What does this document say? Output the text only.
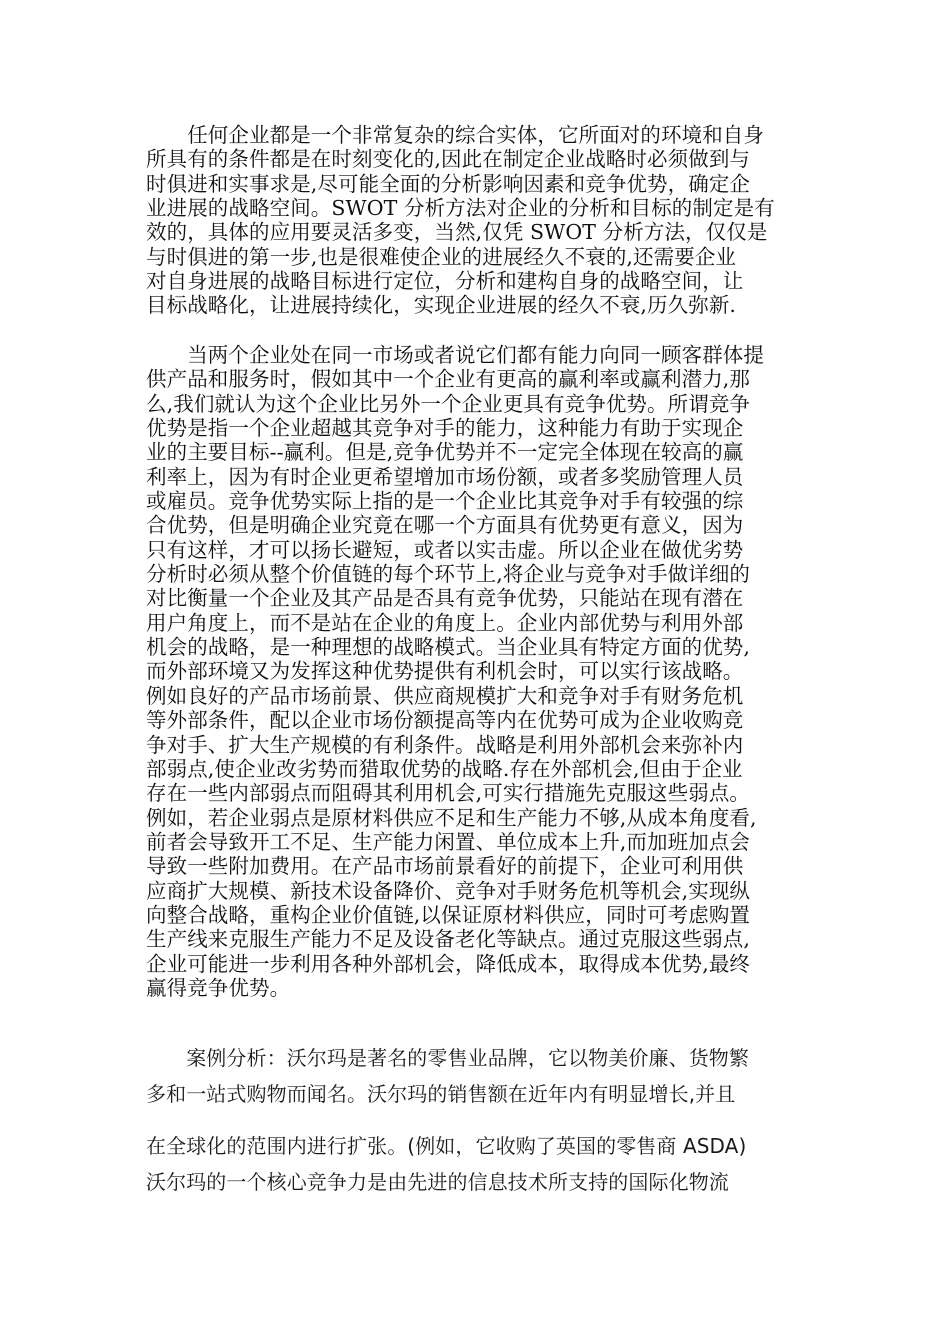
　　任何企业都是一个非常复杂的综合实体，它所面对的环境和自身
所具有的条件都是在时刻变化的,因此在制定企业战略时必须做到与
时俱进和实事求是,尽可能全面的分析影响因素和竞争优势，确定企
业进展的战略空间。SWOT 分析方法对企业的分析和目标的制定是有
效的，具体的应用要灵活多变，当然,仅凭 SWOT 分析方法，仅仅是
与时俱进的第一步,也是很难使企业的进展经久不衰的,还需要企业
对自身进展的战略目标进行定位，分析和建构自身的战略空间，让
目标战略化，让进展持续化，实现企业进展的经久不衰,历久弥新.
　　当两个企业处在同一市场或者说它们都有能力向同一顾客群体提
供产品和服务时，假如其中一个企业有更高的赢利率或赢利潜力,那
么,我们就认为这个企业比另外一个企业更具有竞争优势。所谓竞争
优势是指一个企业超越其竞争对手的能力，这种能力有助于实现企
业的主要目标--赢利。但是,竞争优势并不一定完全体现在较高的赢
利率上，因为有时企业更希望增加市场份额，或者多奖励管理人员
或雇员。竞争优势实际上指的是一个企业比其竞争对手有较强的综
合优势，但是明确企业究竟在哪一个方面具有优势更有意义，因为
只有这样，才可以扬长避短，或者以实击虚。所以企业在做优劣势
分析时必须从整个价值链的每个环节上,将企业与竞争对手做详细的
对比衡量一个企业及其产品是否具有竞争优势，只能站在现有潜在
用户角度上，而不是站在企业的角度上。企业内部优势与利用外部
机会的战略，是一种理想的战略模式。当企业具有特定方面的优势,
而外部环境又为发挥这种优势提供有利机会时，可以实行该战略。
例如良好的产品市场前景、供应商规模扩大和竞争对手有财务危机
等外部条件，配以企业市场份额提高等内在优势可成为企业收购竞
争对手、扩大生产规模的有利条件。战略是利用外部机会来弥补内
部弱点,使企业改劣势而猎取优势的战略.存在外部机会,但由于企业
存在一些内部弱点而阻碍其利用机会,可实行措施先克服这些弱点。
例如，若企业弱点是原材料供应不足和生产能力不够,从成本角度看,
前者会导致开工不足、生产能力闲置、单位成本上升,而加班加点会
导致一些附加费用。在产品市场前景看好的前提下，企业可利用供
应商扩大规模、新技术设备降价、竞争对手财务危机等机会,实现纵
向整合战略，重构企业价值链,以保证原材料供应，同时可考虑购置
生产线来克服生产能力不足及设备老化等缺点。通过克服这些弱点,
企业可能进一步利用各种外部机会，降低成本，取得成本优势,最终
赢得竞争优势。
　　案例分析：沃尔玛是著名的零售业品牌，它以物美价廉、货物繁
多和一站式购物而闻名。沃尔玛的销售额在近年内有明显增长,并且
在全球化的范围内进行扩张。(例如，它收购了英国的零售商 ASDA)
沃尔玛的一个核心竞争力是由先进的信息技术所支持的国际化物流
